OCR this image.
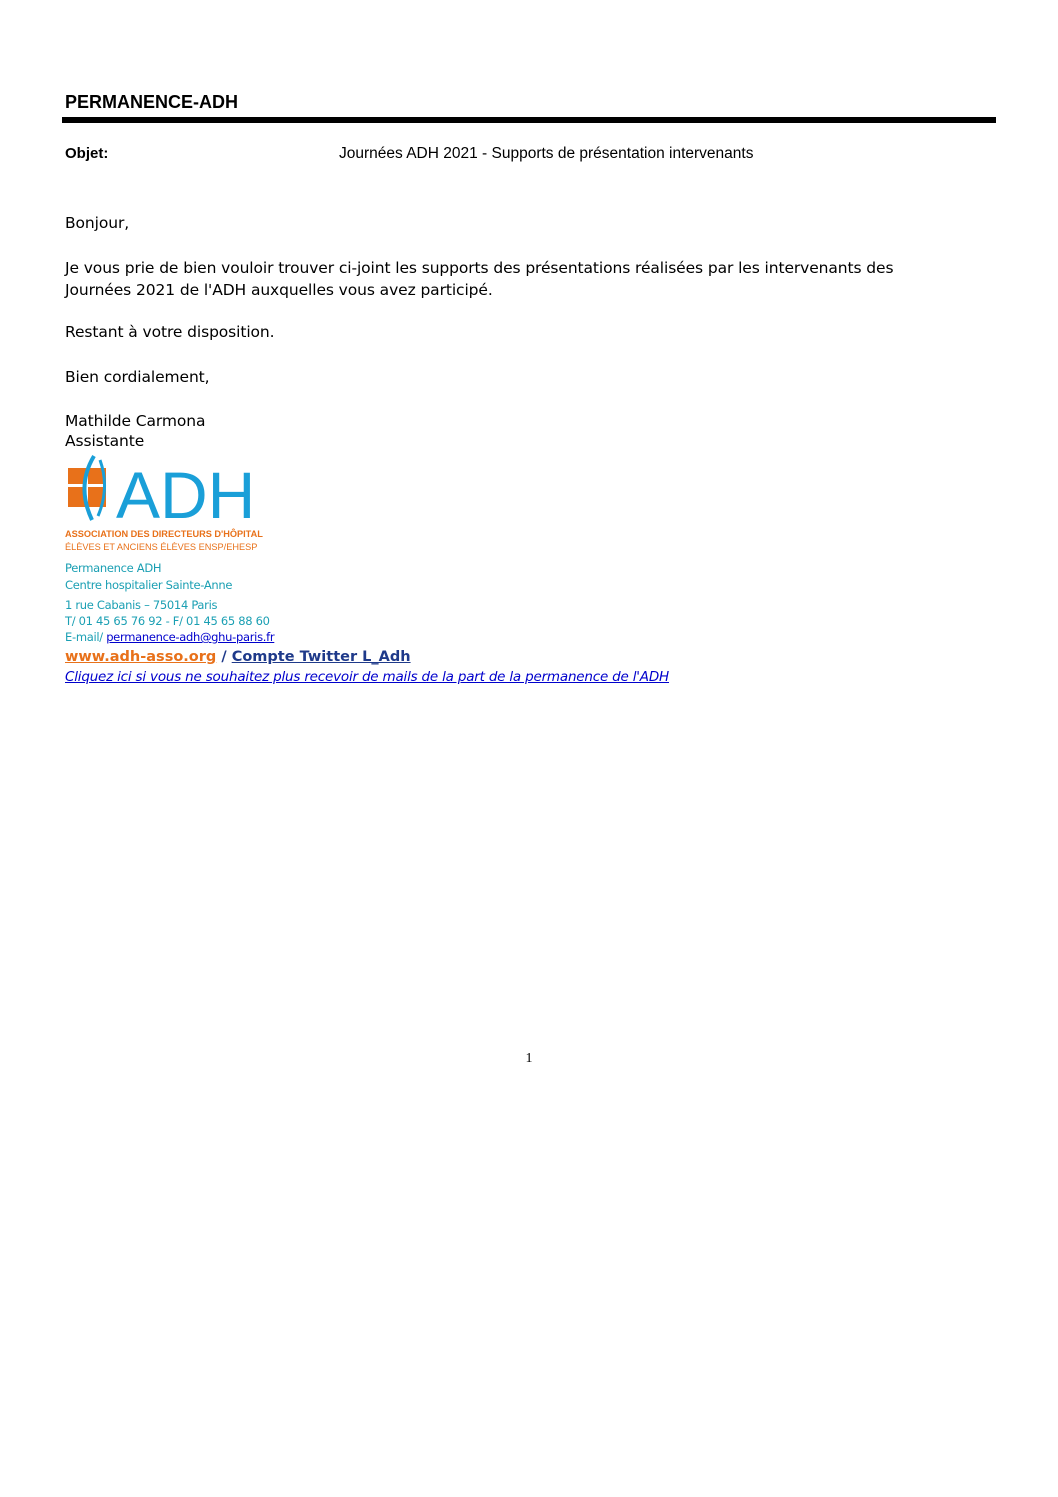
PERMANENCE-ADH
Objet:	Journées ADH 2021 - Supports de présentation intervenants
Bonjour,
Je vous prie de bien vouloir trouver ci-joint les supports des présentations réalisées par les intervenants des
Journées 2021 de l'ADH auxquelles vous avez participé.
Restant à votre disposition.
Bien cordialement,
Mathilde Carmona
Assistante
ADH
ASSOCIATION DES DIRECTEURS D'HÔPITAL
ÉLÈVES ET ANCIENS ÉLÈVES ENSP/EHESP
Permanence ADH
Centre hospitalier Sainte-Anne
1 rue Cabanis – 75014 Paris
T/ 01 45 65 76 92 - F/ 01 45 65 88 60
E-mail/ permanence-adh@ghu-paris.fr
www.adh-asso.org / Compte Twitter L_Adh
Cliquez ici si vous ne souhaitez plus recevoir de mails de la part de la permanence de l'ADH
1
